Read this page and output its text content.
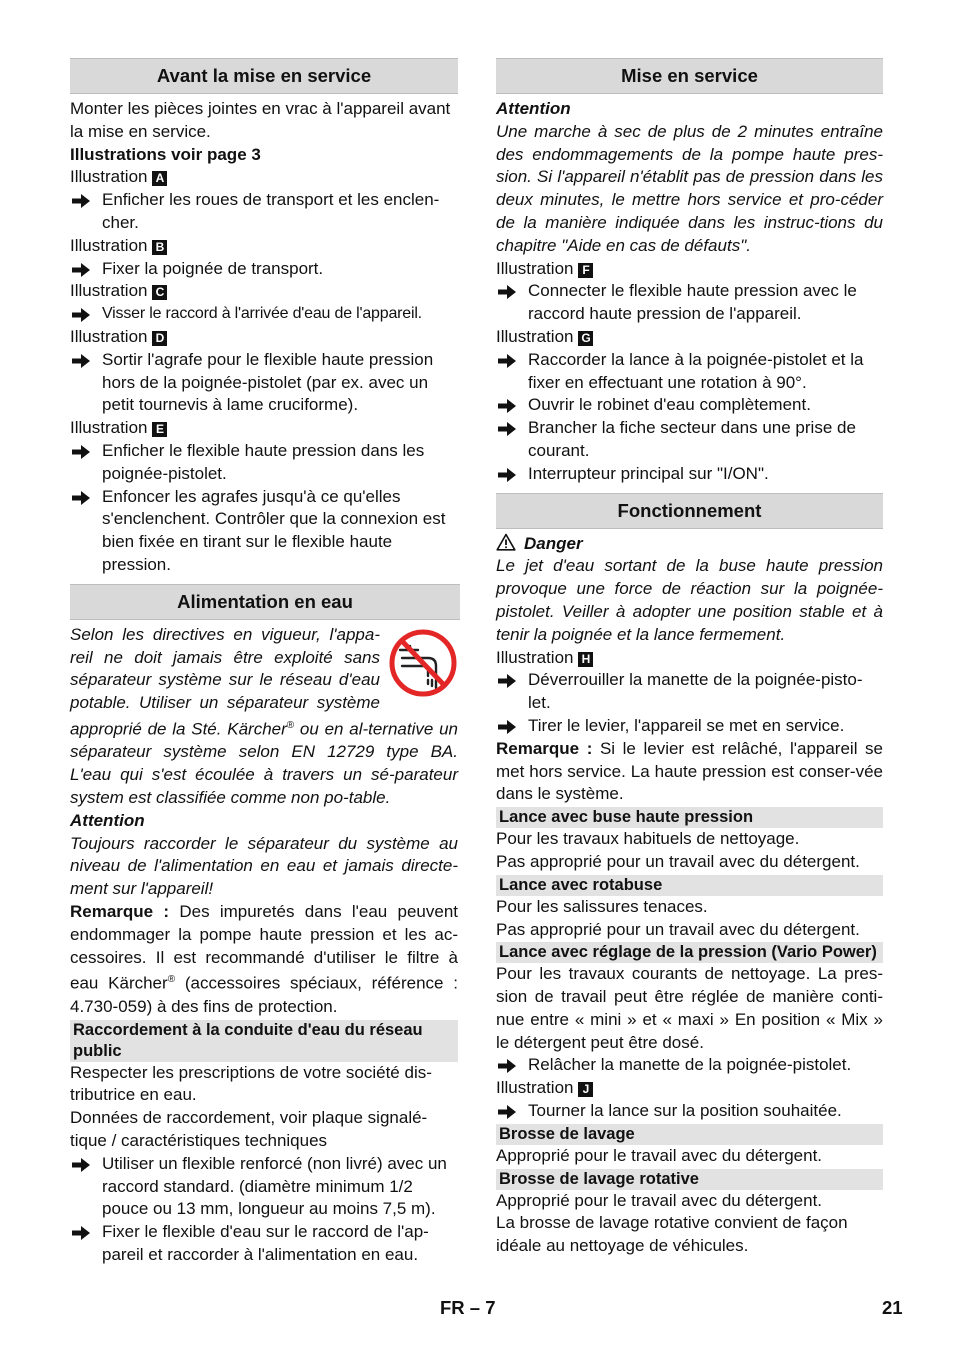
Avant la mise en service

Monter les pièces jointes en vrac à l'appareil avant la mise en service.

Illustrations voir page 3

Illustration A

Enficher les roues de transport et les enclen-cher.

Illustration B

Fixer la poignée de transport.

Illustration C

Visser le raccord à l'arrivée d'eau de l'appareil.

Illustration D

Sortir l'agrafe pour le flexible haute pression hors de la poignée-pistolet (par ex. avec un petit tournevis à lame cruciforme).

Illustration E

Enficher le flexible haute pression dans les poignée-pistolet.
Enfoncer les agrafes jusqu'à ce qu'elles s'enclenchent. Contrôler que la connexion est bien fixée en tirant sur le flexible haute pression.
Alimentation en eau

Selon les directives en vigueur, l'appa-reil ne doit jamais être exploité sans séparateur système sur le réseau d'eau potable. Utiliser un séparateur système approprié de la Sté. Kärcher® ou en al-ternative un séparateur système selon EN 12729 type BA. L'eau qui s'est écoulée à travers un sé-parateur system est classifiée comme non po-table.

Attention

Toujours raccorder le séparateur du système au niveau de l'alimentation en eau et jamais directe-ment sur l'appareil!

Remarque : Des impuretés dans l'eau peuvent endommager la pompe haute pression et les ac-cessoires. Il est recommandé d'utiliser le filtre à eau Kärcher® (accessoires spéciaux, référence : 4.730-059) à des fins de protection.

Raccordement à la conduite d'eau du réseau public

Respecter les prescriptions de votre société dis-tributrice en eau.

Données de raccordement, voir plaque signalé-tique / caractéristiques techniques

Utiliser un flexible renforcé (non livré) avec un raccord standard. (diamètre minimum 1/2 pouce ou 13 mm, longueur au moins 7,5 m).
Fixer le flexible d'eau sur le raccord de l'ap-pareil et raccorder à l'alimentation en eau.
Mise en service

Attention

Une marche à sec de plus de 2 minutes entraîne des endommagements de la pompe haute pres-sion. Si l'appareil n'établit pas de pression dans les deux minutes, le mettre hors service et pro-céder de la manière indiquée dans les instruc-tions du chapitre "Aide en cas de défauts".

Illustration F

Connecter le flexible haute pression avec le raccord haute pression de l'appareil.

Illustration G

Raccorder la lance à la poignée-pistolet et la fixer en effectuant une rotation à 90°.
Ouvrir le robinet d'eau complètement.
Brancher la fiche secteur dans une prise de courant.
Interrupteur principal sur "I/ON".
Fonctionnement

Danger

Le jet d'eau sortant de la buse haute pression provoque une force de réaction sur la poignée-pistolet. Veiller à adopter une position stable et à tenir la poignée et la lance fermement.

Illustration H

Déverrouiller la manette de la poignée-pisto-let.
Tirer le levier, l'appareil se met en service.

Remarque : Si le levier est relâché, l'appareil se met hors service. La haute pression est conser-vée dans le système.

Lance avec buse haute pression

Pour les travaux habituels de nettoyage.

Pas approprié pour un travail avec du détergent.

Lance avec rotabuse

Pour les salissures tenaces.

Pas approprié pour un travail avec du détergent.

Lance avec réglage de la pression (Vario Power)

Pour les travaux courants de nettoyage. La pres-sion de travail peut être réglée de manière conti-nue entre « mini » et « maxi » En position « Mix » le détergent peut être dosé.

Relâcher la manette de la poignée-pistolet.

Illustration J

Tourner la lance sur la position souhaitée.
Brosse de lavage

Approprié pour le travail avec du détergent.

Brosse de lavage rotative

Approprié pour le travail avec du détergent.

La brosse de lavage rotative convient de façon idéale au nettoyage de véhicules.

FR – 7	21
